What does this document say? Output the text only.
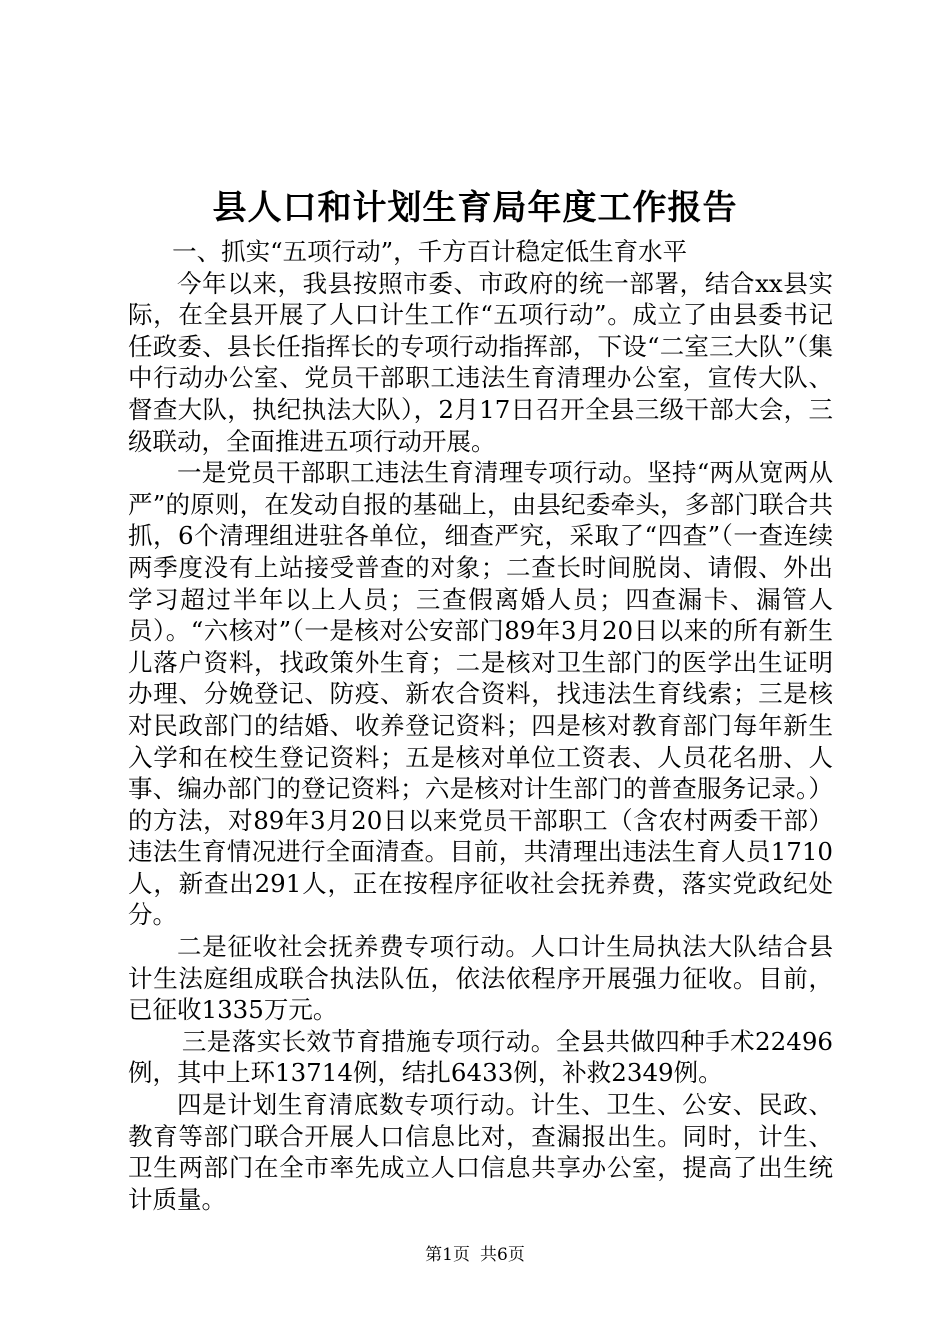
县人口和计划生育局年度工作报告

一、抓实“五项行动”，千方百计稳定低生育水平

今年以来，我县按照市委、市政府的统一部署，结合xx县实际，在全县开展了人口计生工作“五项行动”。成立了由县委书记任政委、县长任指挥长的专项行动指挥部，下设“二室三大队”（集中行动办公室、党员干部职工违法生育清理办公室，宣传大队、督查大队，执纪执法大队），2月17日召开全县三级干部大会，三级联动，全面推进五项行动开展。

一是党员干部职工违法生育清理专项行动。坚持“两从宽两从严”的原则，在发动自报的基础上，由县纪委牵头，多部门联合共抓，6个清理组进驻各单位，细查严究，采取了“四查”（一查连续两季度没有上站接受普查的对象；二查长时间脱岗、请假、外出学习超过半年以上人员；三查假离婚人员；四查漏卡、漏管人员）。“六核对”（一是核对公安部门89年3月20日以来的所有新生儿落户资料，找政策外生育；二是核对卫生部门的医学出生证明办理、分娩登记、防疫、新农合资料，找违法生育线索；三是核对民政部门的结婚、收养登记资料；四是核对教育部门每年新生入学和在校生登记资料；五是核对单位工资表、人员花名册、人事、编办部门的登记资料；六是核对计生部门的普查服务记录。）的方法，对89年3月20日以来党员干部职工（含农村两委干部）违法生育情况进行全面清查。目前，共清理出违法生育人员1710人，新查出291人，正在按程序征收社会抚养费，落实党政纪处分。

二是征收社会抚养费专项行动。人口计生局执法大队结合县计生法庭组成联合执法队伍，依法依程序开展强力征收。目前，已征收1335万元。

三是落实长效节育措施专项行动。全县共做四种手术22496例，其中上环13714例，结扎6433例，补救2349例。

四是计划生育清底数专项行动。计生、卫生、公安、民政、教育等部门联合开展人口信息比对，查漏报出生。同时，计生、卫生两部门在全市率先成立人口信息共享办公室，提高了出生统计质量。

第1页 共6页
